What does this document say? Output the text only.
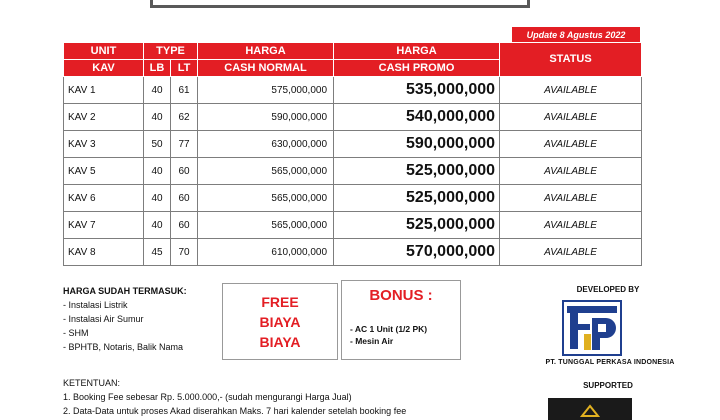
Update 8 Agustus 2022
UNIT	TYPE		HARGA	HARGA	STATUS
KAV	LB	LT	CASH NORMAL	CASH PROMO	
KAV 1	40	61	575,000,000	535,000,000	AVAILABLE
KAV 2	40	62	590,000,000	540,000,000	AVAILABLE
KAV 3	50	77	630,000,000	590,000,000	AVAILABLE
KAV 5	40	60	565,000,000	525,000,000	AVAILABLE
KAV 6	40	60	565,000,000	525,000,000	AVAILABLE
KAV 7	40	60	565,000,000	525,000,000	AVAILABLE
KAV 8	45	70	610,000,000	570,000,000	AVAILABLE
HARGA SUDAH TERMASUK:
- Instalasi Listrik
- Instalasi Air Sumur
- SHM
- BPHTB, Notaris, Balik Nama
FREE
BIAYA
BIAYA
BONUS :
- AC 1 Unit (1/2 PK)
- Mesin Air
DEVELOPED BY
PT. TUNGGAL PERKASA INDONESIA
SUPPORTED
KETENTUAN:
1. Booking Fee sebesar Rp. 5.000.000,- (sudah mengurangi Harga Jual)
2. Data-Data untuk proses Akad diserahkan Maks. 7 hari kalender setelah booking fee
